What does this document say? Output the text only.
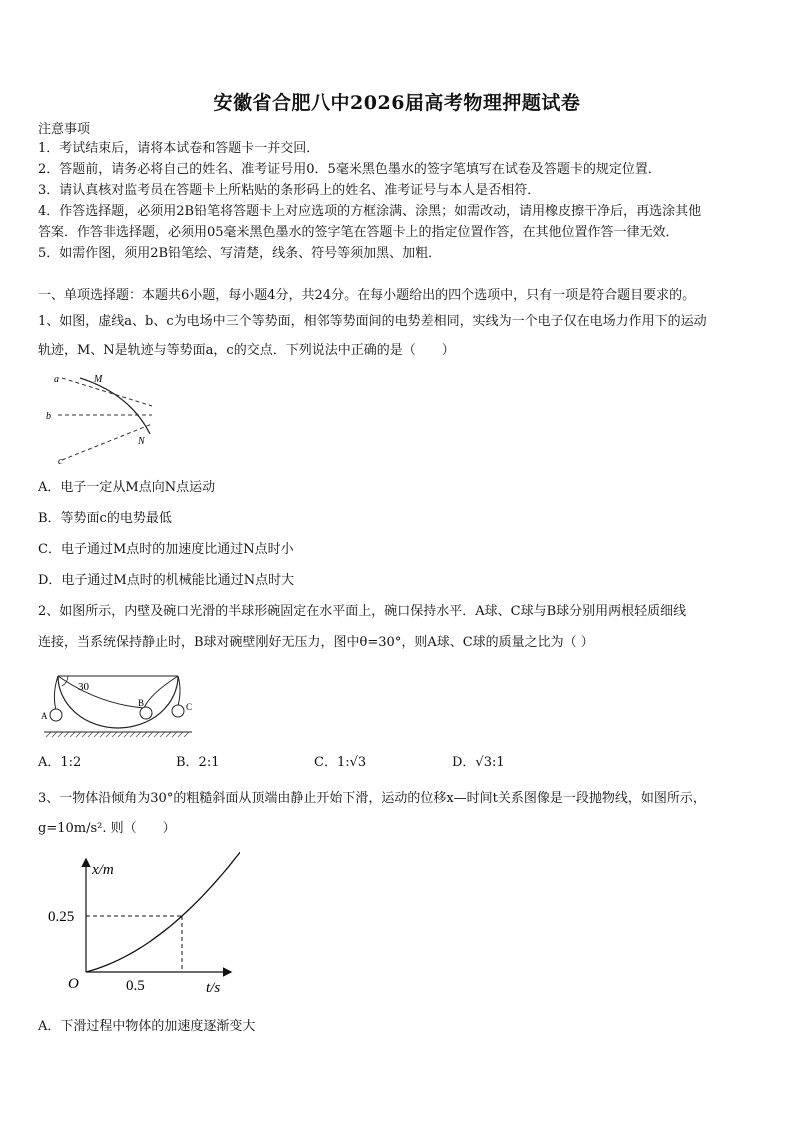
安徽省合肥八中2026届高考物理押题试卷
注意事项
1．考试结束后，请将本试卷和答题卡一并交回．
2．答题前，请务必将自己的姓名、准考证号用0．5毫米黑色墨水的签字笔填写在试卷及答题卡的规定位置．
3．请认真核对监考员在答题卡上所粘贴的条形码上的姓名、准考证号与本人是否相符．
4．作答选择题，必须用2B铅笔将答题卡上对应选项的方框涂满、涂黑；如需改动，请用橡皮擦干净后，再选涂其他
答案．作答非选择题，必须用05毫米黑色墨水的签字笔在答题卡上的指定位置作答，在其他位置作答一律无效．
5．如需作图，须用2B铅笔绘、写清楚，线条、符号等须加黑、加粗．
一、单项选择题：本题共6小题，每小题4分，共24分。在每小题给出的四个选项中，只有一项是符合题目要求的。
1、如图，虚线a、b、c为电场中三个等势面，相邻等势面间的电势差相同，实线为一个电子仅在电场力作用下的运动
轨迹，M、N是轨迹与等势面a，c的交点．下列说法中正确的是（　　）
a
b
c
M
N
A．电子一定从M点向N点运动
B．等势面c的电势最低
C．电子通过M点时的加速度比通过N点时小
D．电子通过M点时的机械能比通过N点时大
2、如图所示，内壁及碗口光滑的半球形碗固定在水平面上，碗口保持水平．A球、C球与B球分别用两根轻质细线
连接，当系统保持静止时，B球对碗壁刚好无压力，图中θ=30°，则A球、C球的质量之比为（ ）
30
A
B	C
A．1:2	B．2:1	C．1:√3	D．√3:1
3、一物体沿倾角为30°的粗糙斜面从顶端由静止开始下滑，运动的位移x—时间t关系图像是一段抛物线，如图所示，
g=10m/s². 则（　　）
x/m
t/s
O
0.25
0.5
A．下滑过程中物体的加速度逐渐变大
